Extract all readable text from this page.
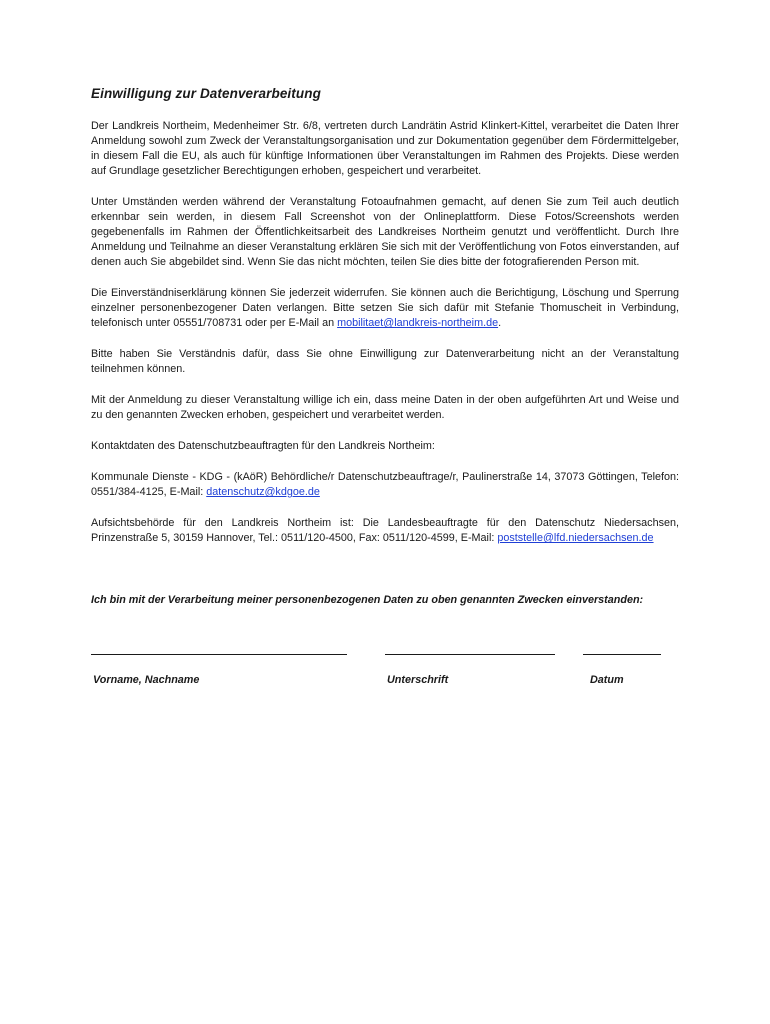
Einwilligung zur Datenverarbeitung

Der Landkreis Northeim, Medenheimer Str. 6/8, vertreten durch Landrätin Astrid Klinkert-Kittel, verarbeitet die Daten Ihrer Anmeldung sowohl zum Zweck der Veranstaltungsorganisation und zur Dokumentation gegenüber dem Fördermittelgeber, in diesem Fall die EU, als auch für künftige Informationen über Veranstaltungen im Rahmen des Projekts. Diese werden auf Grundlage gesetzlicher Berechtigungen erhoben, gespeichert und verarbeitet.

Unter Umständen werden während der Veranstaltung Fotoaufnahmen gemacht, auf denen Sie zum Teil auch deutlich erkennbar sein werden, in diesem Fall Screenshot von der Onlineplattform. Diese Fotos/Screenshots werden gegebenenfalls im Rahmen der Öffentlichkeitsarbeit des Landkreises Northeim genutzt und veröffentlicht. Durch Ihre Anmeldung und Teilnahme an dieser Veranstaltung erklären Sie sich mit der Veröffentlichung von Fotos einverstanden, auf denen auch Sie abgebildet sind. Wenn Sie das nicht möchten, teilen Sie dies bitte der fotografierenden Person mit.

Die Einverständniserklärung können Sie jederzeit widerrufen. Sie können auch die Berichtigung, Löschung und Sperrung einzelner personenbezogener Daten verlangen. Bitte setzen Sie sich dafür mit Stefanie Thomuscheit in Verbindung, telefonisch unter 05551/708731 oder per E-Mail an mobilitaet@landkreis-northeim.de.

Bitte haben Sie Verständnis dafür, dass Sie ohne Einwilligung zur Datenverarbeitung nicht an der Veranstaltung teilnehmen können.

Mit der Anmeldung zu dieser Veranstaltung willige ich ein, dass meine Daten in der oben aufgeführten Art und Weise und zu den genannten Zwecken erhoben, gespeichert und verarbeitet werden.

Kontaktdaten des Datenschutzbeauftragten für den Landkreis Northeim:

Kommunale Dienste - KDG - (kAöR) Behördliche/r Datenschutzbeauftrage/r, Paulinerstraße 14, 37073 Göttingen, Telefon: 0551/384-4125, E-Mail: datenschutz@kdgoe.de

Aufsichtsbehörde für den Landkreis Northeim ist: Die Landesbeauftragte für den Datenschutz Niedersachsen, Prinzenstraße 5, 30159 Hannover, Tel.: 0511/120-4500, Fax: 0511/120-4599, E-Mail: poststelle@lfd.niedersachsen.de

Ich bin mit der Verarbeitung meiner personenbezogenen Daten zu oben genannten Zwecken einverstanden:
Vorname, Nachname	Unterschrift	Datum
